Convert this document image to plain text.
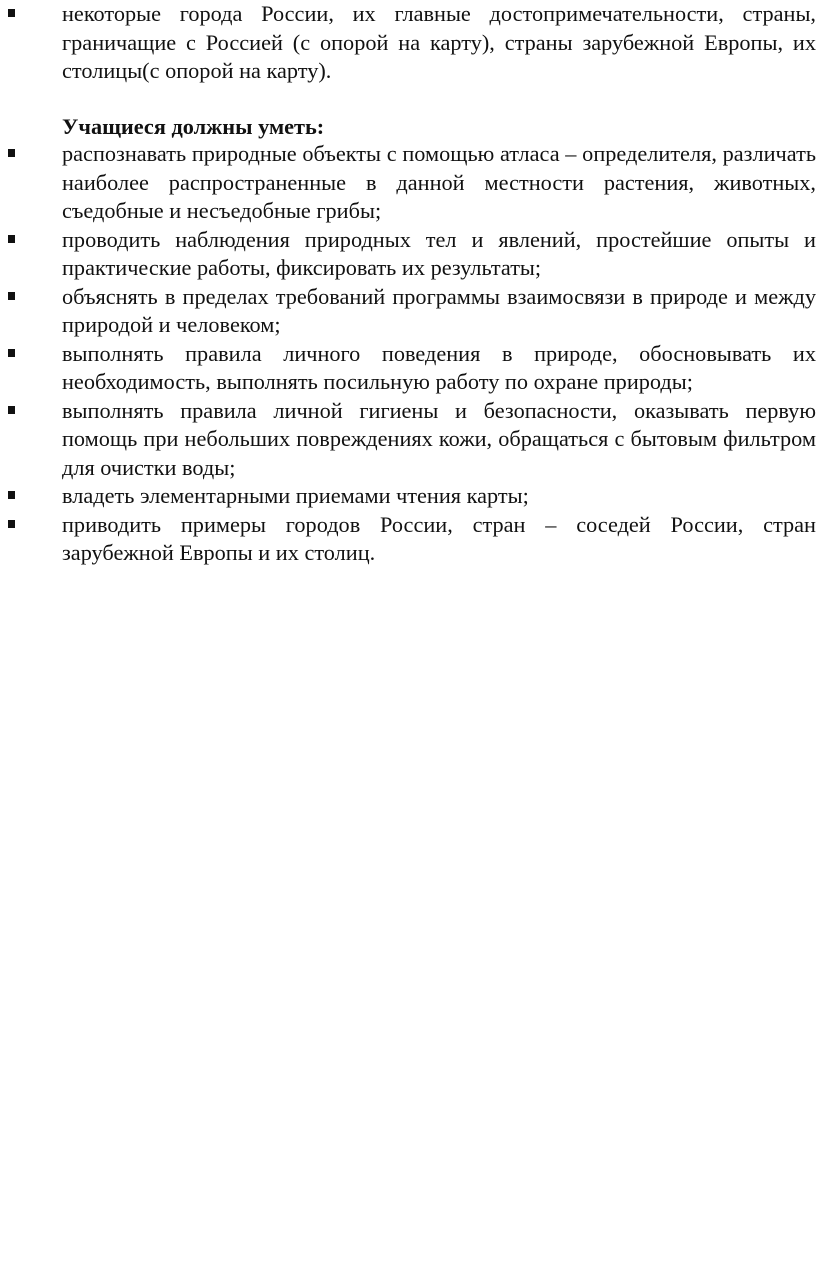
некоторые города России, их главные достопримечательности, страны, граничащие с Россией (с опорой на карту), страны зарубежной Европы, их столицы(с опорой на карту).

Учащиеся должны уметь:

распознавать природные объекты с помощью атласа – определителя, различать наиболее распространенные в данной местности растения, животных, съедобные и несъедобные грибы;
проводить наблюдения природных тел и явлений, простейшие опыты и практические работы, фиксировать их результаты;
объяснять в пределах требований программы взаимосвязи в природе и между природой и человеком;
выполнять правила личного поведения в природе, обосновывать их необходимость, выполнять посильную работу по охране природы;
выполнять правила личной гигиены и безопасности, оказывать первую помощь при небольших повреждениях кожи, обращаться с бытовым фильтром для очистки воды;
владеть элементарными приемами чтения карты;
приводить примеры городов России, стран – соседей России, стран зарубежной Европы и их столиц.
